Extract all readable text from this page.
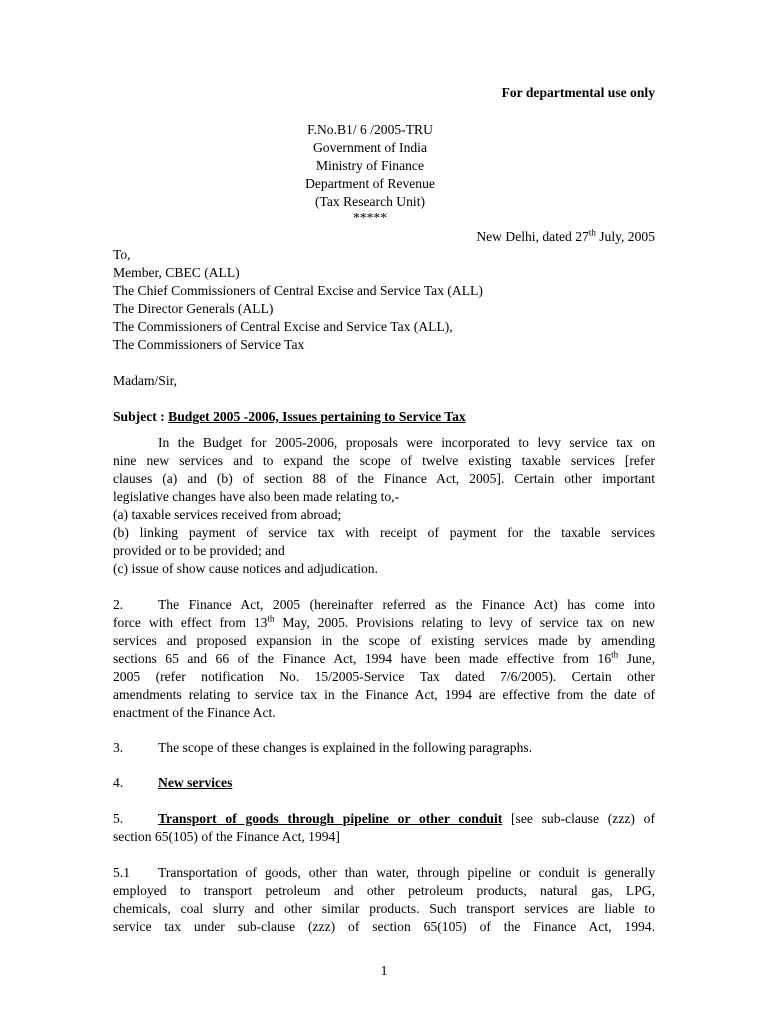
For departmental use only
F.No.B1/ 6 /2005-TRU
Government of India
Ministry of Finance
Department of Revenue
(Tax Research Unit)
*****
New Delhi, dated 27th July, 2005
To,
Member, CBEC (ALL)
The Chief Commissioners of Central Excise and Service Tax (ALL)
The Director Generals (ALL)
The Commissioners of Central Excise and Service Tax (ALL),
The Commissioners of Service Tax
Madam/Sir,
Subject : Budget 2005 -2006, Issues pertaining to Service Tax
In the Budget for 2005-2006, proposals were incorporated to levy service tax on
nine new services and to expand the scope of twelve existing taxable services [refer
clauses (a) and (b) of section 88 of the Finance Act, 2005]. Certain other important
legislative changes have also been made relating to,-
(a) taxable services received from abroad;
(b) linking payment of service tax with receipt of payment for the taxable services
provided or to be provided; and
(c) issue of show cause notices and adjudication.
2.	The Finance Act, 2005 (hereinafter referred as the Finance Act) has come into
force with effect from 13th May, 2005. Provisions relating to levy of service tax on new
services and proposed expansion in the scope of existing services made by amending
sections 65 and 66 of the Finance Act, 1994 have been made effective from 16th June,
2005 (refer notification No. 15/2005-Service Tax dated 7/6/2005). Certain other
amendments relating to service tax in the Finance Act, 1994 are effective from the date of
enactment of the Finance Act.
3.	The scope of these changes is explained in the following paragraphs.
4.	New services
5.	Transport of goods through pipeline or other conduit [see sub-clause (zzz) of
section 65(105) of the Finance Act, 1994]
5.1 Transportation of goods, other than water, through pipeline or conduit is generally
employed to transport petroleum and other petroleum products, natural gas, LPG,
chemicals, coal slurry and other similar products. Such transport services are liable to
service tax under sub-clause (zzz) of section 65(105) of the Finance Act, 1994.
1
